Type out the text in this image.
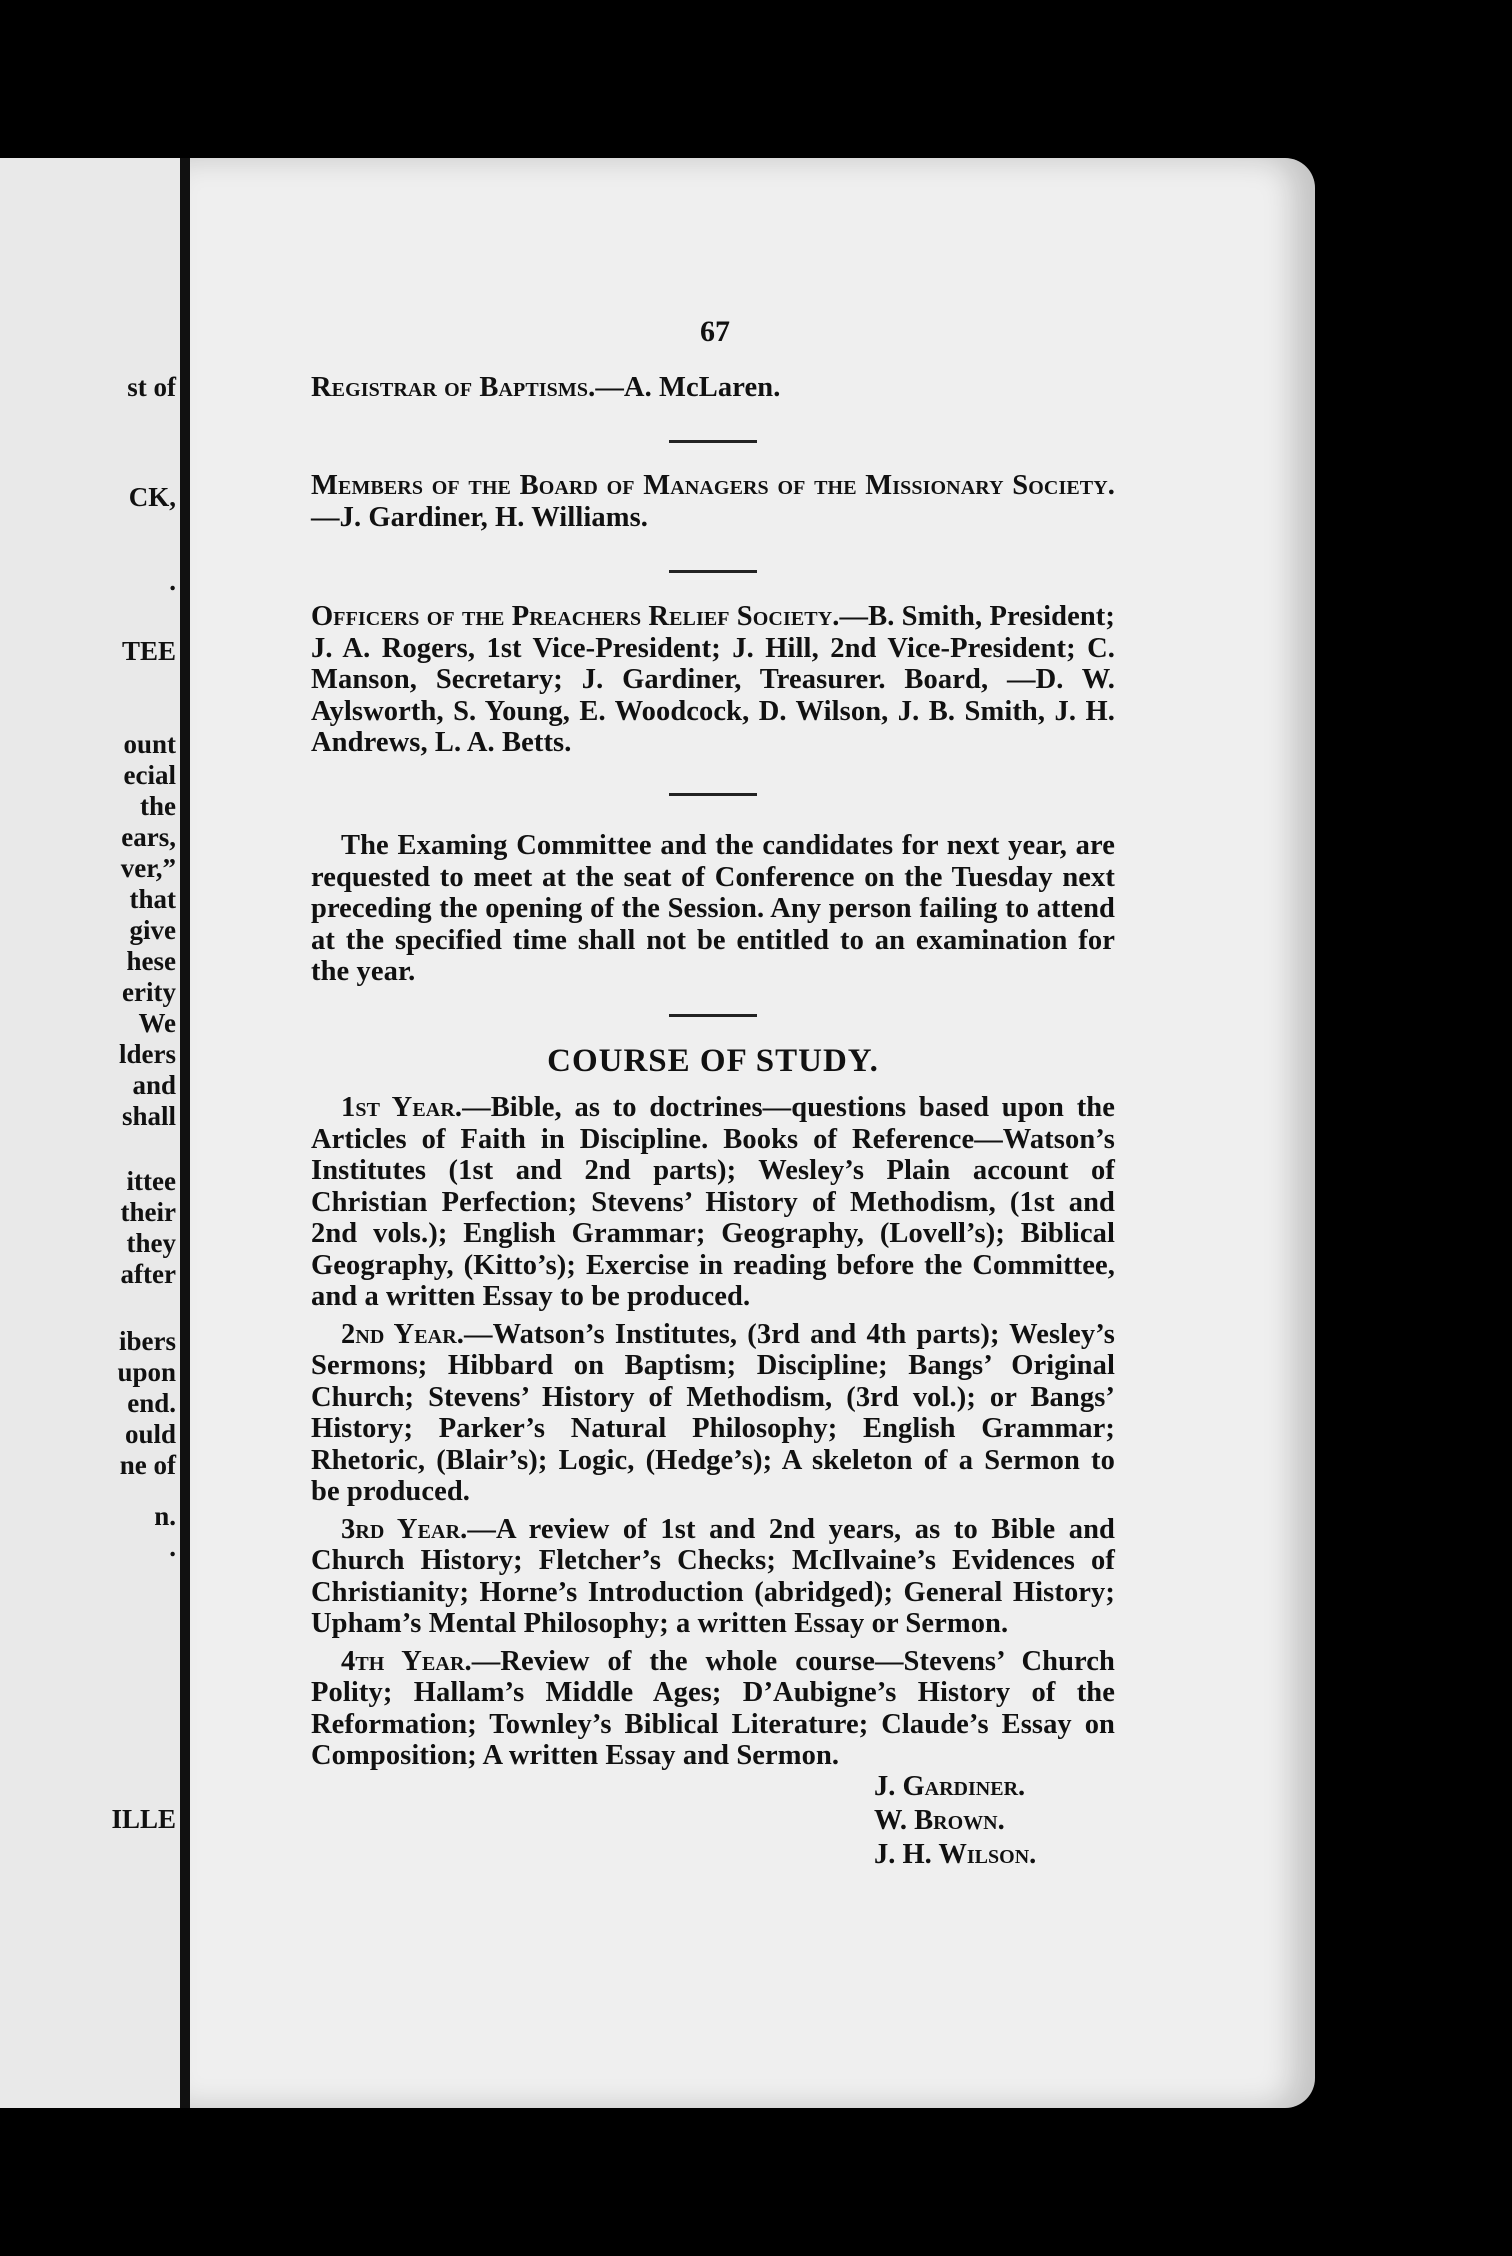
st of
CK,
.
TEE
ount
ecial
the
ears,
ver,”
that
give
hese
erity
We
lders
and
shall
ittee
their
they
after
ibers
upon
end.
ould
ne of
n.
.
ILLE
67
Registrar of Baptisms.—A. McLaren.
Members of the Board of Managers of the Missionary Society.—J. Gardiner, H. Williams.
Officers of the Preachers Relief Society.—B. Smith, President; J. A. Rogers, 1st Vice-President; J. Hill, 2nd Vice-President; C. Manson, Secretary; J. Gardiner, Treasurer. Board, —D. W. Aylsworth, S. Young, E. Woodcock, D. Wilson, J. B. Smith, J. H. Andrews, L. A. Betts.
The Examing Committee and the candidates for next year, are requested to meet at the seat of Conference on the Tuesday next preceding the opening of the Session. Any person failing to attend at the specified time shall not be entitled to an examination for the year.
COURSE OF STUDY.
1st Year.—Bible, as to doctrines—questions based upon the Articles of Faith in Discipline. Books of Reference—Watson’s Institutes (1st and 2nd parts); Wesley’s Plain account of Christian Perfection; Stevens’ History of Methodism, (1st and 2nd vols.); English Grammar; Geography, (Lovell’s); Biblical Geography, (Kitto’s); Exercise in reading before the Committee, and a written Essay to be produced.
2nd Year.—Watson’s Institutes, (3rd and 4th parts); Wesley’s Sermons; Hibbard on Baptism; Discipline; Bangs’ Original Church; Stevens’ History of Methodism, (3rd vol.); or Bangs’ History; Parker’s Natural Philosophy; English Grammar; Rhetoric, (Blair’s); Logic, (Hedge’s); A skeleton of a Sermon to be produced.
3rd Year.—A review of 1st and 2nd years, as to Bible and Church History; Fletcher’s Checks; McIlvaine’s Evidences of Christianity; Horne’s Introduction (abridged); General History; Upham’s Mental Philosophy; a written Essay or Sermon.
4th Year.—Review of the whole course—Stevens’ Church Polity; Hallam’s Middle Ages; D’Aubigne’s History of the Reformation; Townley’s Biblical Literature; Claude’s Essay on Composition; A written Essay and Sermon.
J. Gardiner.
W. Brown.
J. H. Wilson.
